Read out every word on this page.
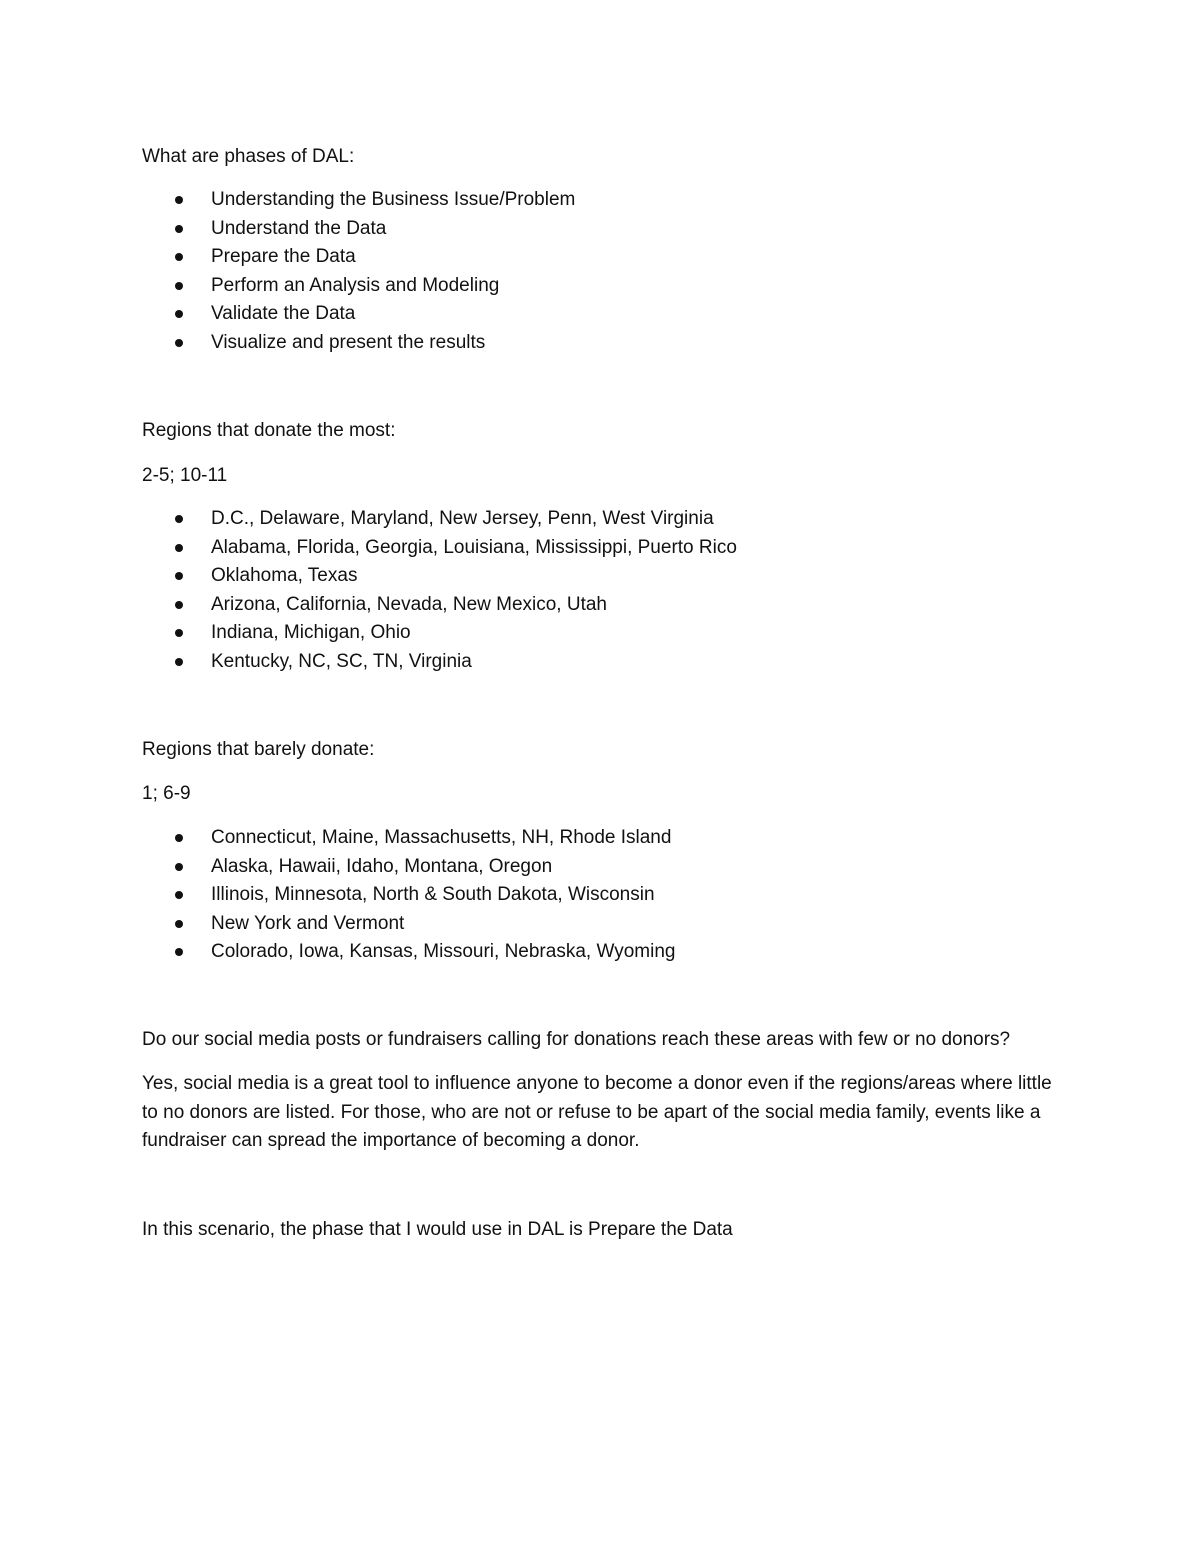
What are phases of DAL:
Understanding the Business Issue/Problem
Understand the Data
Prepare the Data
Perform an Analysis and Modeling
Validate the Data
Visualize and present the results
Regions that donate the most:
2-5; 10-11
D.C., Delaware, Maryland, New Jersey, Penn, West Virginia
Alabama, Florida, Georgia, Louisiana, Mississippi, Puerto Rico
Oklahoma, Texas
Arizona, California, Nevada, New Mexico, Utah
Indiana, Michigan, Ohio
Kentucky, NC, SC, TN, Virginia
Regions that barely donate:
1; 6-9
Connecticut, Maine, Massachusetts, NH, Rhode Island
Alaska, Hawaii, Idaho, Montana, Oregon
Illinois, Minnesota, North & South Dakota, Wisconsin
New York and Vermont
Colorado, Iowa, Kansas, Missouri, Nebraska, Wyoming
Do our social media posts or fundraisers calling for donations reach these areas with few or no donors?
Yes, social media is a great tool to influence anyone to become a donor even if the regions/areas where little to no donors are listed. For those, who are not or refuse to be apart of the social media family, events like a fundraiser can spread the importance of becoming a donor.
In this scenario, the phase that I would use in DAL is Prepare the Data
